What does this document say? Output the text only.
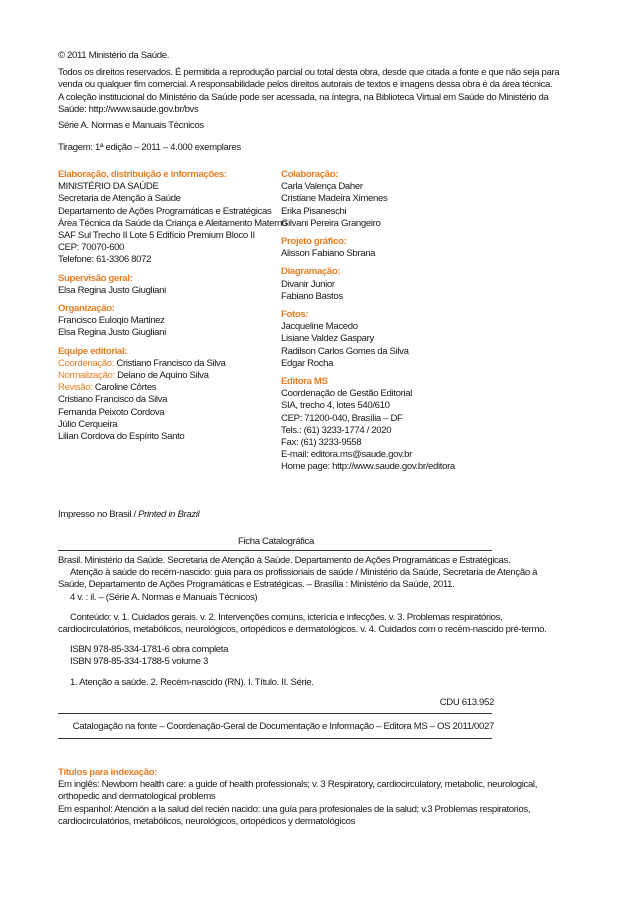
© 2011 Ministério da Saúde.
Todos os direitos reservados. É permitida a reprodução parcial ou total desta obra, desde que citada a fonte e que não seja para
venda ou qualquer fim comercial. A responsabilidade pelos direitos autorais de textos e imagens dessa obra é da área técnica.
A coleção institucional do Ministério da Saúde pode ser acessada, na íntegra, na Biblioteca Virtual em Saúde do Ministério da
Saúde: http://www.saude.gov.br/bvs
Série A. Normas e Manuais Técnicos
Tiragem: 1ª edição – 2011 – 4.000 exemplares
Elaboração, distribuição e informações:
MINISTÉRIO DA SAÚDE
Secretaria de Atenção à Saúde
Departamento de Ações Programáticas e Estratégicas
Área Técnica da Saúde da Criança e Aleitamento Materno
SAF Sul Trecho II Lote 5 Edifício Premium Bloco II
CEP: 70070-600
Telefone: 61-3306 8072
Supervisão geral:
Elsa Regina Justo Giugliani
Organização:
Francisco Euloqio Martinez
Elsa Regina Justo Giugliani
Equipe editorial:
Coordenação: Cristiano Francisco da Silva
Normalização: Delano de Aquino Silva
Revisão: Caroline Côrtes
Cristiano Francisco da Silva
Fernanda Peixoto Cordova
Júlio Cerqueira
Lilian Cordova do Espírito Santo
Colaboração:
Carla Valença Daher
Cristiane Madeira Ximenes
Erika Pisaneschi
Gilvani Pereira Grangeiro
Projeto gráfico:
Alisson Fabiano Sbrana
Diagramação:
Divanir Junior
Fabiano Bastos
Fotos:
Jacqueline Macedo
Lisiane Valdez Gaspary
Radilson Carlos Gomes da Silva
Edgar Rocha
Editora MS
Coordenação de Gestão Editorial
SIA, trecho 4, lotes 540/610
CEP: 71200-040, Brasília – DF
Tels.: (61) 3233-1774 / 2020
Fax: (61) 3233-9558
E-mail: editora.ms@saude.gov.br
Home page: http://www.saude.gov.br/editora
Impresso no Brasil / Printed in Brazil
Ficha Catalográfica
Brasil. Ministério da Saúde. Secretaria de Atenção à Saúde. Departamento de Ações Programáticas e Estratégicas.
Atenção à saúde do recém-nascido: guia para os profissionais de saúde / Ministério da Saúde, Secretaria de Atenção à
Saúde, Departamento de Ações Programáticas e Estratégicas. – Brasília : Ministério da Saúde, 2011.
4 v. : il. – (Série A. Normas e Manuais Técnicos)
Conteúdo: v. 1. Cuidados gerais. v. 2. Intervenções comuns, icterícia e infecções. v. 3. Problemas respiratórios,
cardiocirculatórios, metabólicos, neurológicos, ortopédicos e dermatológicos. v. 4. Cuidados com o recém-nascido pré-termo.
ISBN 978-85-334-1781-6 obra completa
ISBN 978-85-334-1788-5 volume 3
1. Atenção a saúde. 2. Recém-nascido (RN). I. Título. II. Série.
CDU 613.952
Catalogação na fonte – Coordenação-Geral de Documentação e Informação – Editora MS – OS 2011/0027
Títulos para indexação:
Em inglês: Newborn health care: a guide of health professionals; v. 3 Respiratory, cardiocirculatory, metabolic, neurological,
orthopedic and dermatological problems
Em espanhol: Atención a la salud del recién nacido: una guía para profesionales de la salud; v.3 Problemas respiratorios,
cardiocirculatórios, metabólicos, neurológicos, ortopédicos y dermatológicos
